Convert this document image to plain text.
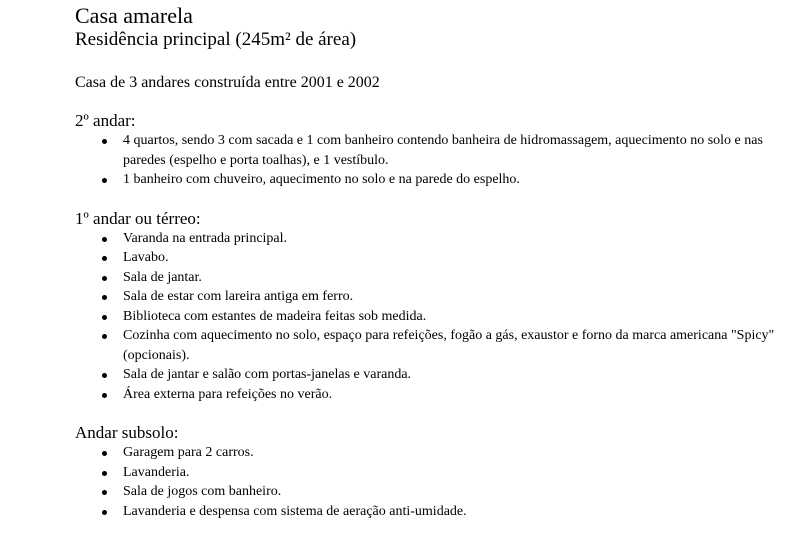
Casa amarela
Residência principal (245m² de área)

Casa de 3 andares construída entre 2001 e 2002

2º andar:
4 quartos, sendo 3 com sacada e 1 com banheiro contendo banheira de hidromassagem, aquecimento no solo e nas paredes (espelho e porta toalhas), e 1 vestíbulo.
1 banheiro com chuveiro, aquecimento no solo e na parede do espelho.
1º andar ou térreo:
Varanda na entrada principal.
Lavabo.
Sala de jantar.
Sala de estar com lareira antiga em ferro.
Biblioteca com estantes de madeira feitas sob medida.
Cozinha com aquecimento no solo, espaço para refeições, fogão a gás, exaustor e forno da marca americana "Spicy" (opcionais).
Sala de jantar e salão com portas-janelas e varanda.
Área externa para refeições no verão.
Andar subsolo:
Garagem para 2 carros.
Lavanderia.
Sala de jogos com banheiro.
Lavanderia e despensa com sistema de aeração anti-umidade.
